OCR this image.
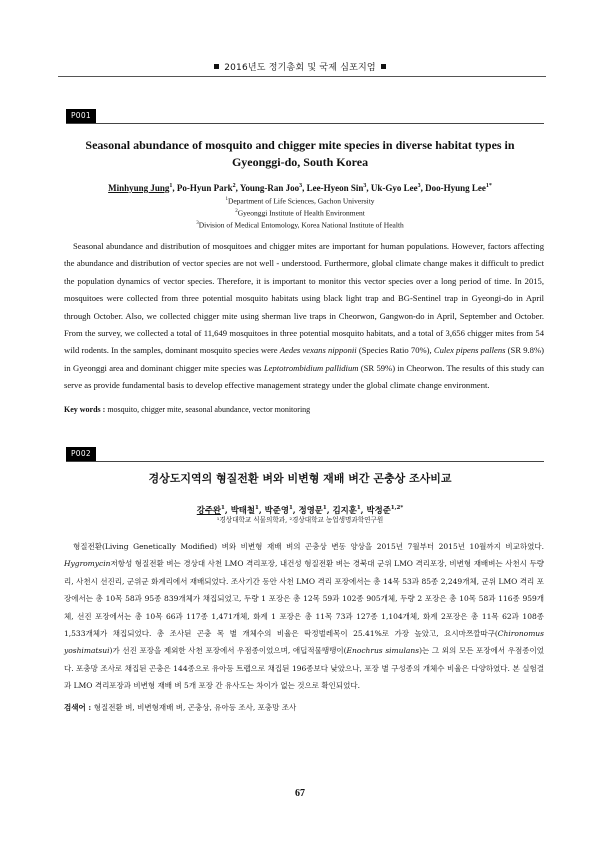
2016년도 정기총회 및 국제 심포지엄
P001
Seasonal abundance of mosquito and chigger mite species in diverse habitat types in
Gyeonggi-do, South Korea
Minhyung Jung$^1$, Po-Hyun Park$^2$, Young-Ran Joo$^3$, Lee-Hyeon Sin$^3$, Uk-Gyo Lee$^3$, Doo-Hyung Lee$^{1*}$
$^1$Department of Life Sciences, Gachon University
$^2$Gyeonggi Institute of Health Environment
$^3$Division of Medical Entomology, Korea National Institute of Health

Seasonal abundance and distribution of mosquitoes and chigger mites are important for human populations. However, factors affecting the abundance and distribution of vector species are not well - understood. Furthermore, global climate change makes it difficult to predict the population dynamics of vector species. Therefore, it is important to monitor this vector species over a long period of time. In 2015, mosquitoes were collected from three potential mosquito habitats using black light trap and BG-Sentinel trap in Gyeongi-do in April through October. Also, we collected chigger mite using sherman live traps in Cheorwon, Gangwon-do in April, September and October. From the survey, we collected a total of 11,649 mosquitoes in three potential mosquito habitats, and a total of 3,656 chigger mites from 54 wild rodents. In the samples, dominant mosquito species were Aedes vexans nipponii (Species Ratio 70%), Culex pipens pallens (SR 9.8%) in Gyeonggi area and dominant chigger mite species was Leptotrombidium pallidium (SR 59%) in Cheorwon. The results of this study can serve as provide fundamental basis to develop effective management strategy under the global climate change environment.

Key words : mosquito, chigger mite, seasonal abundance, vector monitoring
P002
경상도지역의 형질전환 벼와 비변형 재배 벼간 곤충상 조사비교
강주완$^1$, 박태철$^1$, 박준영$^1$, 정영문$^1$, 김지훈$^1$, 박정준$^{1,2*}$
¹경상대학교 식물의학과, ²경상대학교 농업생명과학연구원

형질전환(Living Genetically Modified) 벼와 비변형 재배 벼의 곤충상 변동 양상을 2015년 7월부터 2015년 10월까지 비교하였다. Hygromycin저항성 형질전환 벼는 경상대 사천 LMO 격리포장, 내건성 형질전환 벼는 경북대 군위 LMO 격리포장, 비변형 재배벼는 사천시 두량리, 사천시 선진리, 군위군 화계리에서 재배되었다. 조사기간 동안 사천 LMO 격리 포장에서는 총 14목 53과 85종 2,249개체, 군위 LMO 격리 포장에서는 총 10목 58과 95종 839개체가 채집되었고, 두량 1 포장은 총 12목 59과 102종 905개체, 두량 2 포장은 총 10목 58과 116종 959개체, 선진 포장에서는 총 10목 66과 117종 1,471개체, 화계 1 포장은 총 11목 73과 127종 1,104개체, 화계 2포장은 총 11목 62과 108종 1,533개체가 채집되었다. 총 조사된 곤충 목 별 개체수의 비율은 딱정벌레목이 25.41%로 가장 높았고, 요시마쯔깔따구(Chironomus yoshimatsui)가 선진 포장을 제외한 사천 포장에서 우점종이었으며, 애딥적물땡땡이(Enochrus simulans)는 그 외의 모든 포장에서 우점종이었다. 포충망 조사로 채집된 곤충은 144종으로 유아등 트랩으로 채집된 196종보다 낮았으나, 포장 별 구성종의 개체수 비율은 다양하였다. 본 실험결과 LMO 격리포장과 비변형 재배 벼 5개 포장 간 유사도는 차이가 없는 것으로 확인되었다.

검색어 : 형질전환 벼, 비변형재배 벼, 곤충상, 유아등 조사, 포충망 조사
67
